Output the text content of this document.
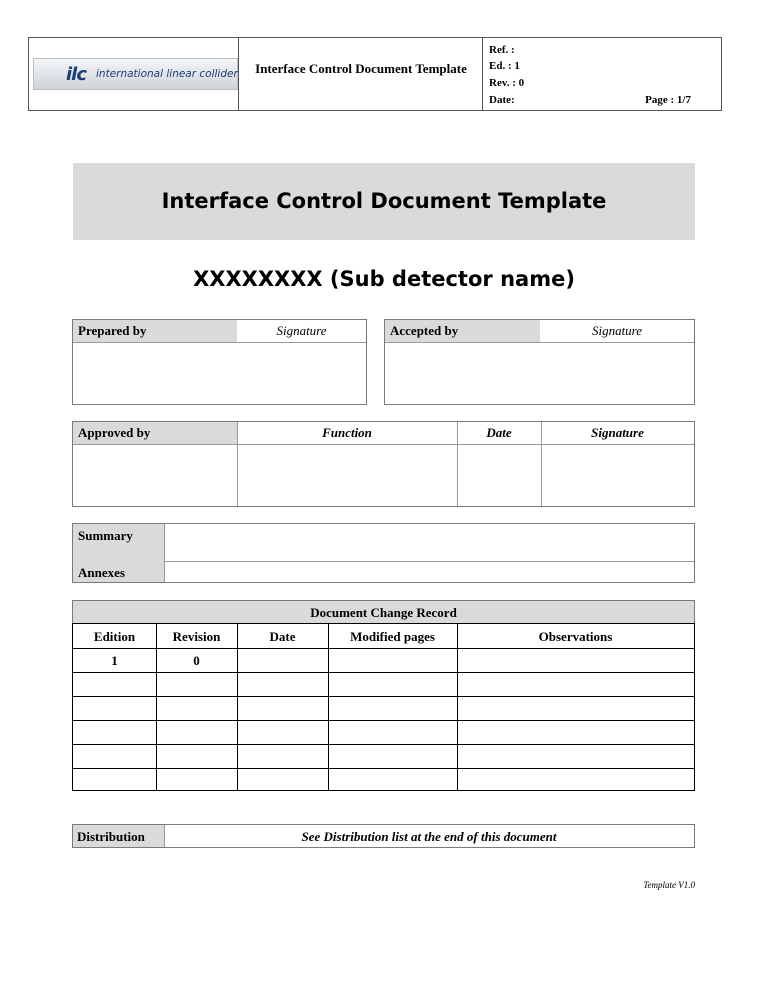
ilc international linear collider	Interface Control Document Template
Ref. :
Ed. : 1
Rev. : 0
Date:	Page : 1/7
Interface Control Document Template
XXXXXXXX (Sub detector name)
Prepared by	Signature	Accepted by	Signature
Approved by	Function	Date	Signature
Summary
Annexes
Document Change Record
Edition	Revision	Date	Modified pages	Observations
1	0
Distribution	See Distribution list at the end of this document
Template V1.0
